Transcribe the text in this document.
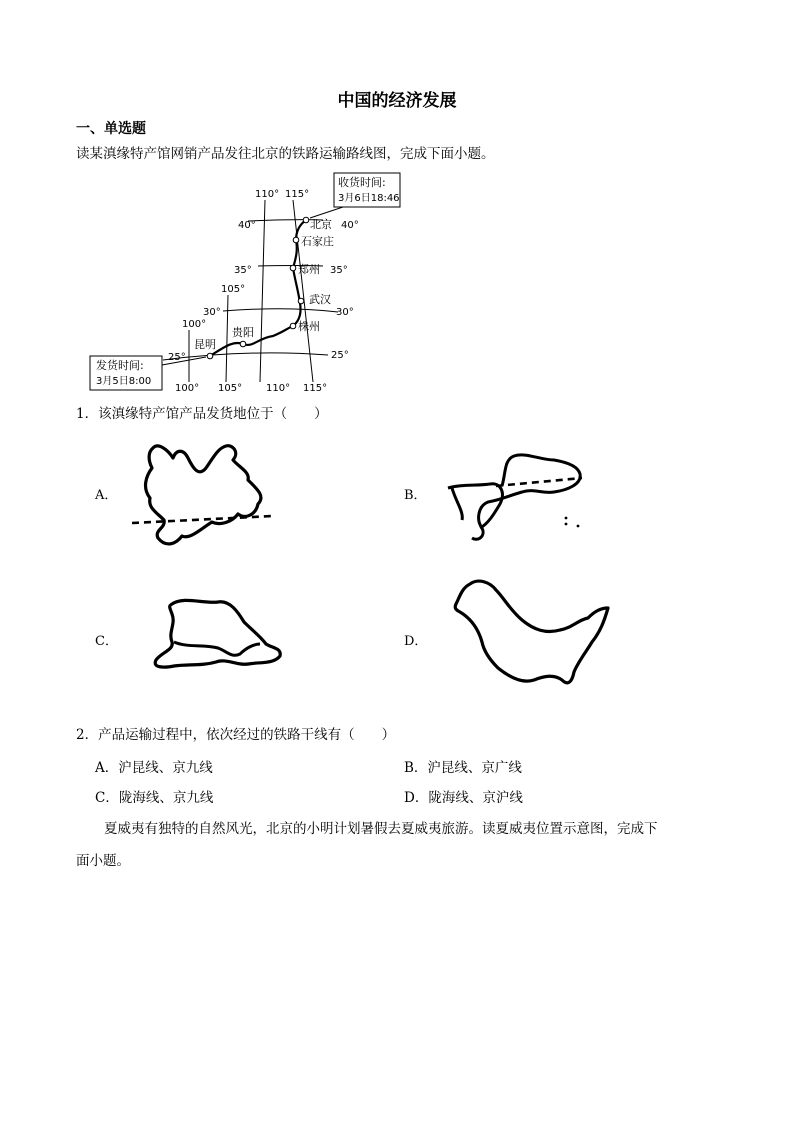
中国的经济发展
一、单选题
读某滇缘特产馆网销产品发往北京的铁路运输路线图，完成下面小题。
收货时间:
3月6日18:46
发货时间:
3月5日8:00
北京
石家庄
郑州
武汉
株州
贵阳
昆明
40°	40°
35°	35°
30°	30°
25°	25°
110° 115°
105°
100°
100° 105° 110° 115°
1．该滇缘特产馆产品发货地位于（　　）
A．	B．
C．	D．
2．产品运输过程中，依次经过的铁路干线有（　　）
A．沪昆线、京九线	B．沪昆线、京广线
C．陇海线、京九线	D．陇海线、京沪线
夏威夷有独特的自然风光，北京的小明计划暑假去夏威夷旅游。读夏威夷位置示意图，完成下
面小题。
